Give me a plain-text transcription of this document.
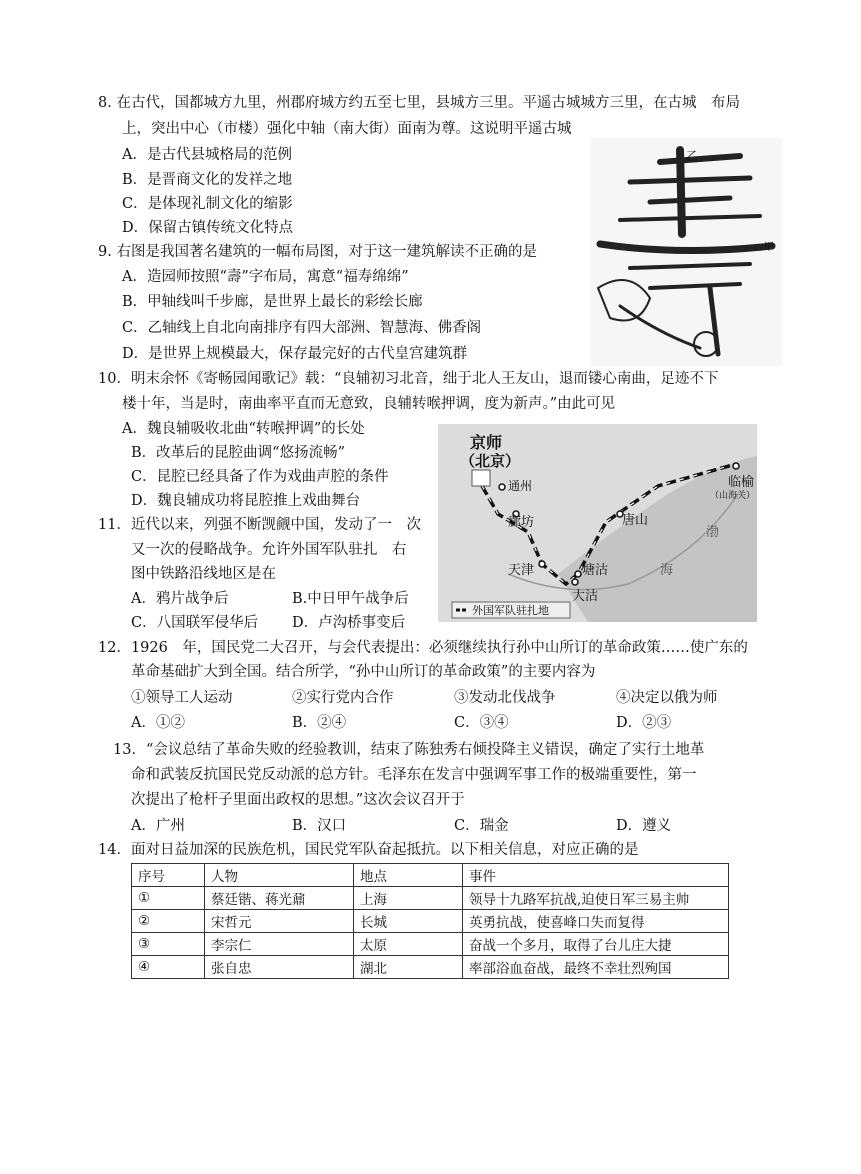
8. 在古代，国都城方九里，州郡府城方约五至七里，县城方三里。平遥古城城方三里，在古城　布局
上，突出中心（市楼）强化中轴（南大街）面南为尊。这说明平遥古城
A．是古代县城格局的范例
B．是晋商文化的发祥之地
C．是体现礼制文化的缩影
D．保留古镇传统文化特点
9. 右图是我国著名建筑的一幅布局图，对于这一建筑解读不正确的是
A．造园师按照“壽”字布局，寓意“福寿绵绵”
B．甲轴线叫千步廊，是世界上最长的彩绘长廊
C．乙轴线上自北向南排序有四大部洲、智慧海、佛香阁
D．是世界上规模最大，保存最完好的古代皇宫建筑群
乙
甲
10．明末余怀《寄畅园闻歌记》载：“良辅初习北音，绌于北人王友山，退而镂心南曲，足迹不下
楼十年，当是时，南曲率平直而无意致，良辅转喉押调，度为新声。”由此可见
A．魏良辅吸收北曲“转喉押调”的长处
B．改革后的昆腔曲调“悠扬流畅”
C．昆腔已经具备了作为戏曲声腔的条件
D．魏良辅成功将昆腔推上戏曲舞台
京师
（北京）
通州
廊坊
天津	塘沽
大沽
唐山
临榆
（山海关）
渤
海
外国军队驻扎地
11．近代以来，列强不断觊觎中国，发动了一　次
又一次的侵略战争。允许外国军队驻扎　右
图中铁路沿线地区是在
A．鸦片战争后	B.中日甲午战争后
C．八国联军侵华后 D．卢沟桥事变后
12．1926　年，国民党二大召开，与会代表提出：必须继续执行孙中山所订的革命政策……使广东的
革命基础扩大到全国。结合所学，“孙中山所订的革命政策”的主要内容为
①领导工人运动	②实行党内合作	③发动北伐战争	④决定以俄为师
A．①②	B．②④	C．③④	D．②③
13．“会议总结了革命失败的经验教训，结束了陈独秀右倾投降主义错误，确定了实行土地革
命和武装反抗国民党反动派的总方针。毛泽东在发言中强调军事工作的极端重要性，第一
次提出了枪杆子里面出政权的思想。”这次会议召开于
A．广州	B．汉口	C．瑞金	D．遵义
14．面对日益加深的民族危机，国民党军队奋起抵抗。以下相关信息，对应正确的是
序号	人物	地点	事件
①	蔡廷锴、蒋光鼐	上海	领导十九路军抗战,迫使日军三易主帅
②	宋哲元	长城	英勇抗战，使喜峰口失而复得
③	李宗仁	太原	奋战一个多月，取得了台儿庄大捷
④	张自忠	湖北	率部浴血奋战，最终不幸壮烈殉国
